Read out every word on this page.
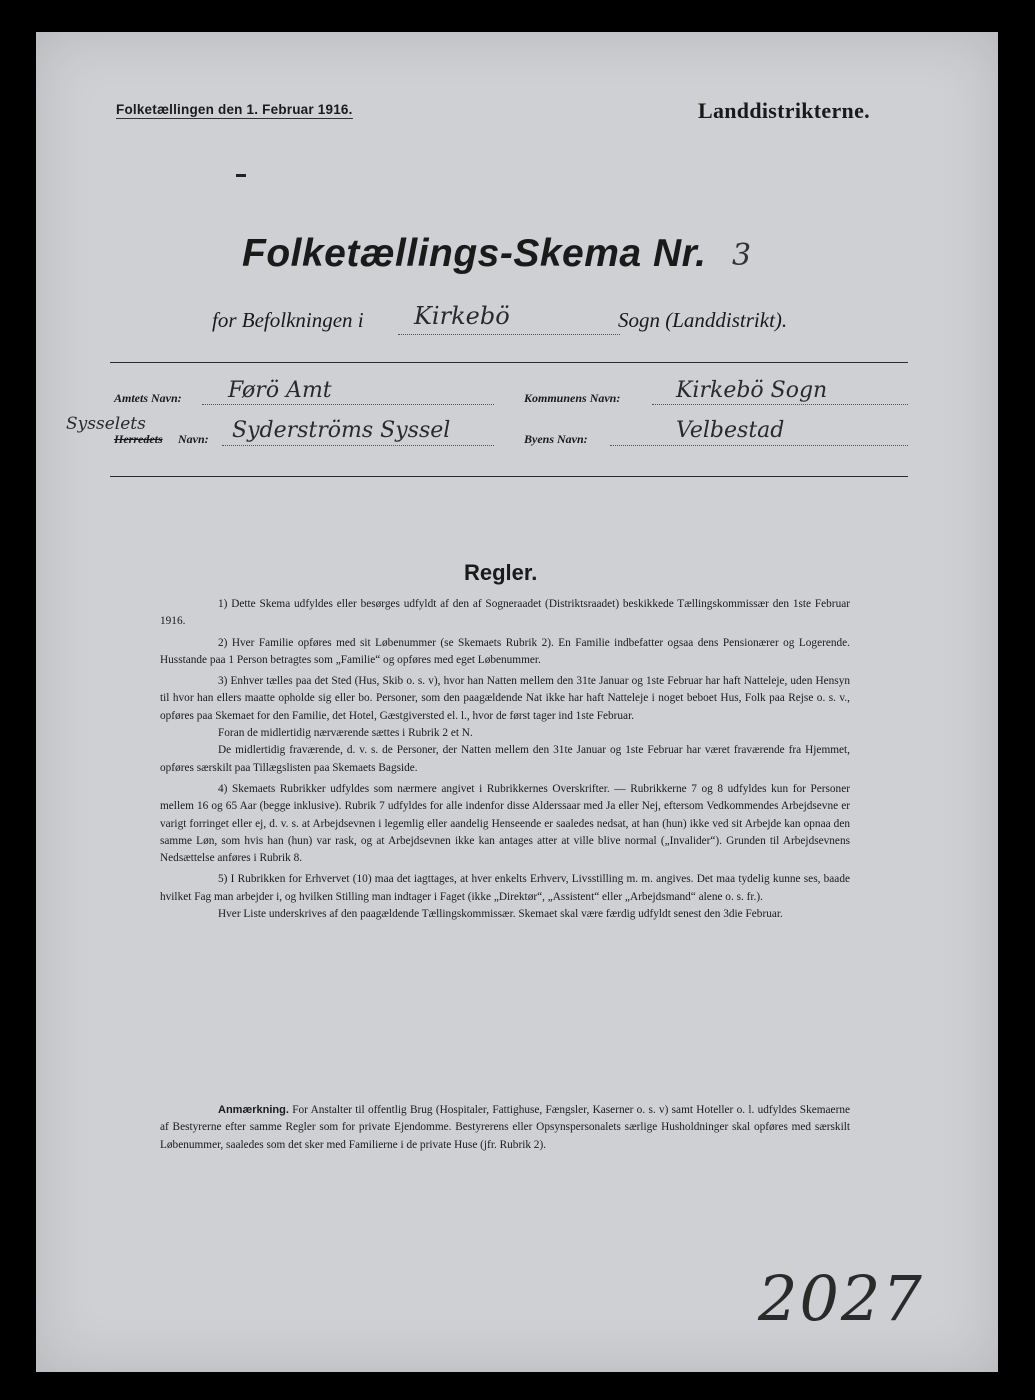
Folketællingen den 1. Februar 1916.	Landdistrikterne.
Folketællings-Skema Nr. 3
for Befolkningen i Kirkebö	Sogn (Landdistrikt).
Amtets Navn: Førö Amt	Kommunens Navn:	Kirkebö Sogn
Sysselets
Herredets Navn: Syderströms Syssel	Byens Navn:	Velbestad
Regler.

1) Dette Skema udfyldes eller besørges udfyldt af den af Sogneraadet (Distriktsraadet) beskikkede Tællingskommissær den 1ste Februar 1916.

2) Hver Familie opføres med sit Løbenummer (se Skemaets Rubrik 2). En Familie indbefatter ogsaa dens Pensionærer og Logerende. Husstande paa 1 Person betragtes som „Familie“ og opføres med eget Løbenummer.

3) Enhver tælles paa det Sted (Hus, Skib o. s. v), hvor han Natten mellem den 31te Januar og 1ste Februar har haft Natteleje, uden Hensyn til hvor han ellers maatte opholde sig eller bo. Personer, som den paagældende Nat ikke har haft Natteleje i noget beboet Hus, Folk paa Rejse o. s. v., opføres paa Skemaet for den Familie, det Hotel, Gæstgiversted el. l., hvor de først tager ind 1ste Februar.

Foran de midlertidig nærværende sættes i Rubrik 2 et N.

De midlertidig fraværende, d. v. s. de Personer, der Natten mellem den 31te Januar og 1ste Februar har været fraværende fra Hjemmet, opføres særskilt paa Tillægslisten paa Skemaets Bagside.

4) Skemaets Rubrikker udfyldes som nærmere angivet i Rubrikkernes Overskrifter. — Rubrikkerne 7 og 8 udfyldes kun for Personer mellem 16 og 65 Aar (begge inklusive). Rubrik 7 udfyldes for alle indenfor disse Alderssaar med Ja eller Nej, eftersom Vedkommendes Arbejdsevne er varigt forringet eller ej, d. v. s. at Arbejdsevnen i legemlig eller aandelig Henseende er saaledes nedsat, at han (hun) ikke ved sit Arbejde kan opnaa den samme Løn, som hvis han (hun) var rask, og at Arbejdsevnen ikke kan antages atter at ville blive normal („Invalider“). Grunden til Arbejdsevnens Nedsættelse anføres i Rubrik 8.

5) I Rubrikken for Erhvervet (10) maa det iagttages, at hver enkelts Erhverv, Livsstilling m. m. angives. Det maa tydelig kunne ses, baade hvilket Fag man arbejder i, og hvilken Stilling man indtager i Faget (ikke „Direktør“, „Assistent“ eller „Arbejdsmand“ alene o. s. fr.).

Hver Liste underskrives af den paagældende Tællingskommissær. Skemaet skal være færdig udfyldt senest den 3die Februar.

Anmærkning. For Anstalter til offentlig Brug (Hospitaler, Fattighuse, Fængsler, Kaserner o. s. v) samt Hoteller o. l. udfyldes Skemaerne af Bestyrerne efter samme Regler som for private Ejendomme. Bestyrerens eller Opsynspersonalets særlige Husholdninger skal opføres med særskilt Løbenummer, saaledes som det sker med Familierne i de private Huse (jfr. Rubrik 2).

2027
